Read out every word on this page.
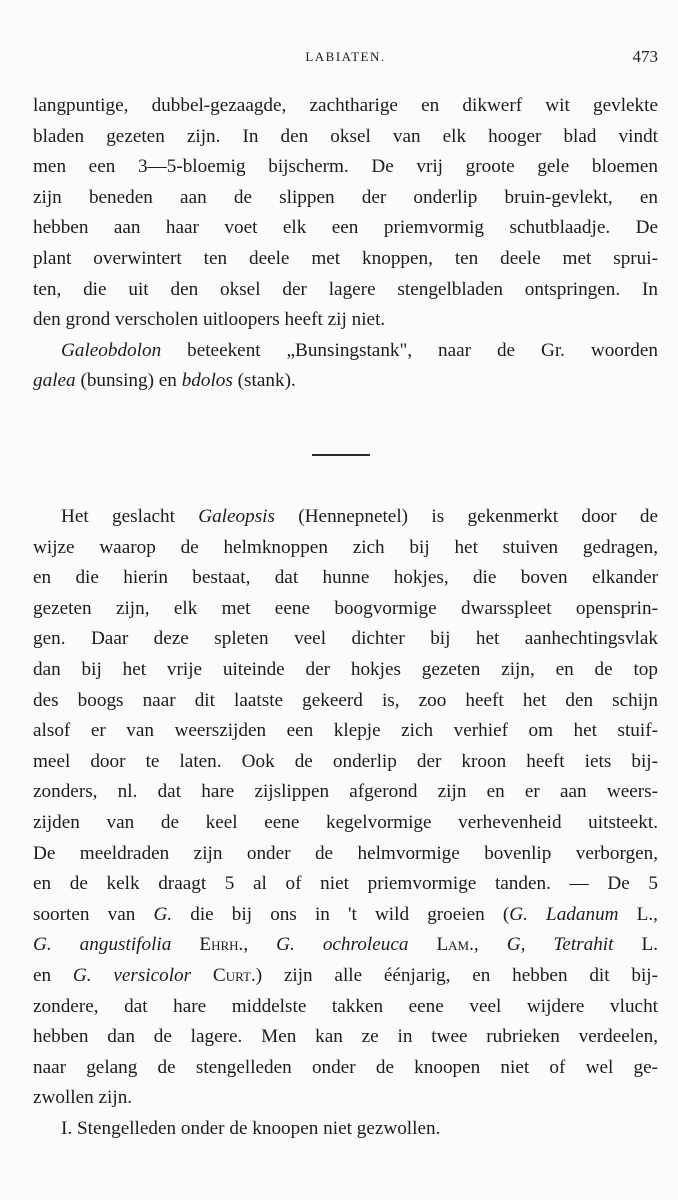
LABIATEN.	473
langpuntige, dubbel-gezaagde, zachtharige en dikwerf wit gevlekte
bladen gezeten zijn. In den oksel van elk hooger blad vindt
men een 3—5-bloemig bijscherm. De vrij groote gele bloemen
zijn beneden aan de slippen der onderlip bruin-gevlekt, en
hebben aan haar voet elk een priemvormig schutblaadje. De
plant overwintert ten deele met knoppen, ten deele met sprui-
ten, die uit den oksel der lagere stengelbladen ontspringen. In
den grond verscholen uitloopers heeft zij niet.
Galeobdolon beteekent „Bunsingstank", naar de Gr. woorden
galea (bunsing) en bdolos (stank).
Het geslacht Galeopsis (Hennepnetel) is gekenmerkt door de
wijze waarop de helmknoppen zich bij het stuiven gedragen,
en die hierin bestaat, dat hunne hokjes, die boven elkander
gezeten zijn, elk met eene boogvormige dwarsspleet opensprin-
gen. Daar deze spleten veel dichter bij het aanhechtingsvlak
dan bij het vrije uiteinde der hokjes gezeten zijn, en de top
des boogs naar dit laatste gekeerd is, zoo heeft het den schijn
alsof er van weerszijden een klepje zich verhief om het stuif-
meel door te laten. Ook de onderlip der kroon heeft iets bij-
zonders, nl. dat hare zijslippen afgerond zijn en er aan weers-
zijden van de keel eene kegelvormige verhevenheid uitsteekt.
De meeldraden zijn onder de helmvormige bovenlip verborgen,
en de kelk draagt 5 al of niet priemvormige tanden. — De 5
soorten van G. die bij ons in 't wild groeien (G. Ladanum L.,
G. angustifolia Ehrh., G. ochroleuca Lam., G, Tetrahit L.
en G. versicolor Curt.) zijn alle éénjarig, en hebben dit bij-
zondere, dat hare middelste takken eene veel wijdere vlucht
hebben dan de lagere. Men kan ze in twee rubrieken verdeelen,
naar gelang de stengelleden onder de knoopen niet of wel ge-
zwollen zijn.
I. Stengelleden onder de knoopen niet gezwollen.
